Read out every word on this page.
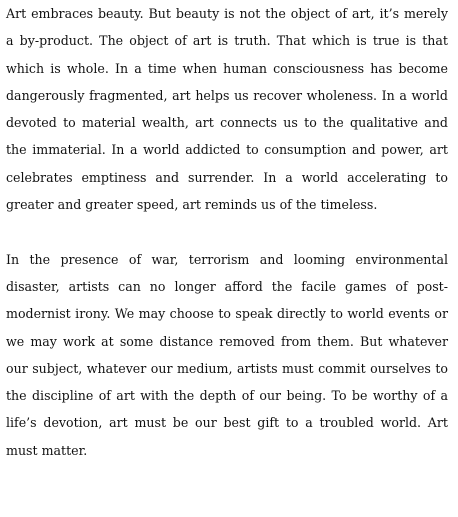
Art embraces beauty. But beauty is not the object of art, it’s merely a by-product. The object of art is truth. That which is true is that which is whole. In a time when human consciousness has become dangerously fragmented, art helps us recover wholeness. In a world devoted to material wealth, art connects us to the qualitative and the immaterial. In a world addicted to consumption and power, art celebrates emptiness and surrender. In a world accelerating to greater and greater speed, art reminds us of the timeless.

In the presence of war, terrorism and looming environmental disaster, artists can no longer afford the facile games of post-modernist irony. We may choose to speak directly to world events or we may work at some distance removed from them. But whatever our subject, whatever our medium, artists must commit ourselves to the discipline of art with the depth of our being. To be worthy of a life’s devotion, art must be our best gift to a troubled world. Art must matter.
